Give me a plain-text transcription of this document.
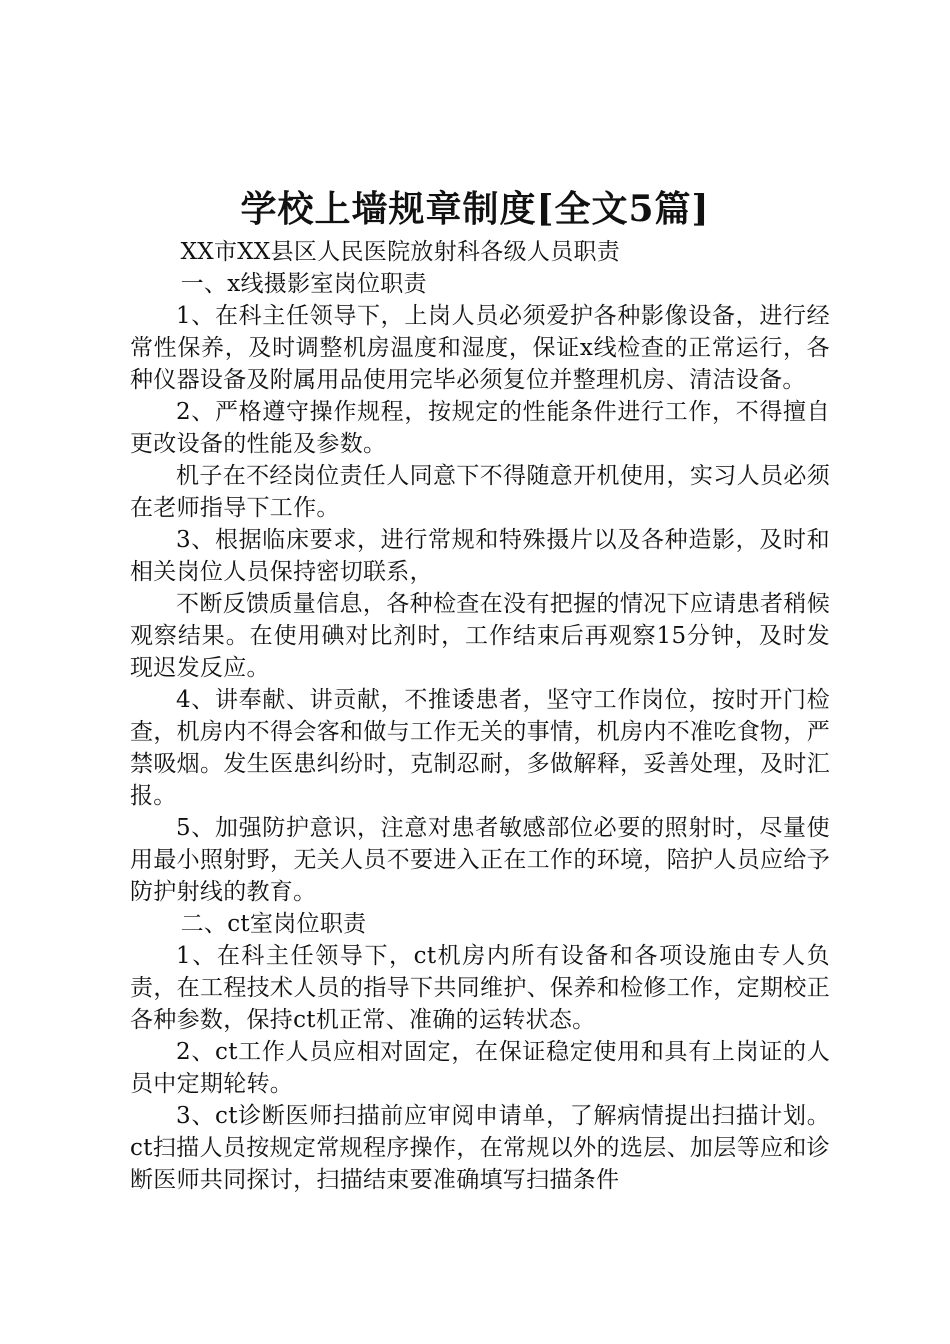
学校上墙规章制度[全文5篇]

XX市XX县区人民医院放射科各级人员职责

一、x线摄影室岗位职责

1、在科主任领导下，上岗人员必须爱护各种影像设备，进行经常性保养，及时调整机房温度和湿度，保证x线检查的正常运行，各种仪器设备及附属用品使用完毕必须复位并整理机房、清洁设备。

2、严格遵守操作规程，按规定的性能条件进行工作，不得擅自更改设备的性能及参数。

机子在不经岗位责任人同意下不得随意开机使用，实习人员必须在老师指导下工作。

3、根据临床要求，进行常规和特殊摄片以及各种造影，及时和相关岗位人员保持密切联系，

不断反馈质量信息，各种检查在没有把握的情况下应请患者稍候观察结果。在使用碘对比剂时，工作结束后再观察15分钟，及时发现迟发反应。

4、讲奉献、讲贡献，不推诿患者，坚守工作岗位，按时开门检查，机房内不得会客和做与工作无关的事情，机房内不准吃食物，严禁吸烟。发生医患纠纷时，克制忍耐，多做解释，妥善处理，及时汇报。

5、加强防护意识，注意对患者敏感部位必要的照射时，尽量使用最小照射野，无关人员不要进入正在工作的环境，陪护人员应给予防护射线的教育。

二、ct室岗位职责

1、在科主任领导下，ct机房内所有设备和各项设施由专人负责，在工程技术人员的指导下共同维护、保养和检修工作，定期校正各种参数，保持ct机正常、准确的运转状态。

2、ct工作人员应相对固定，在保证稳定使用和具有上岗证的人员中定期轮转。

3、ct诊断医师扫描前应审阅申请单，了解病情提出扫描计划。ct扫描人员按规定常规程序操作，在常规以外的选层、加层等应和诊断医师共同探讨，扫描结束要准确填写扫描条件
